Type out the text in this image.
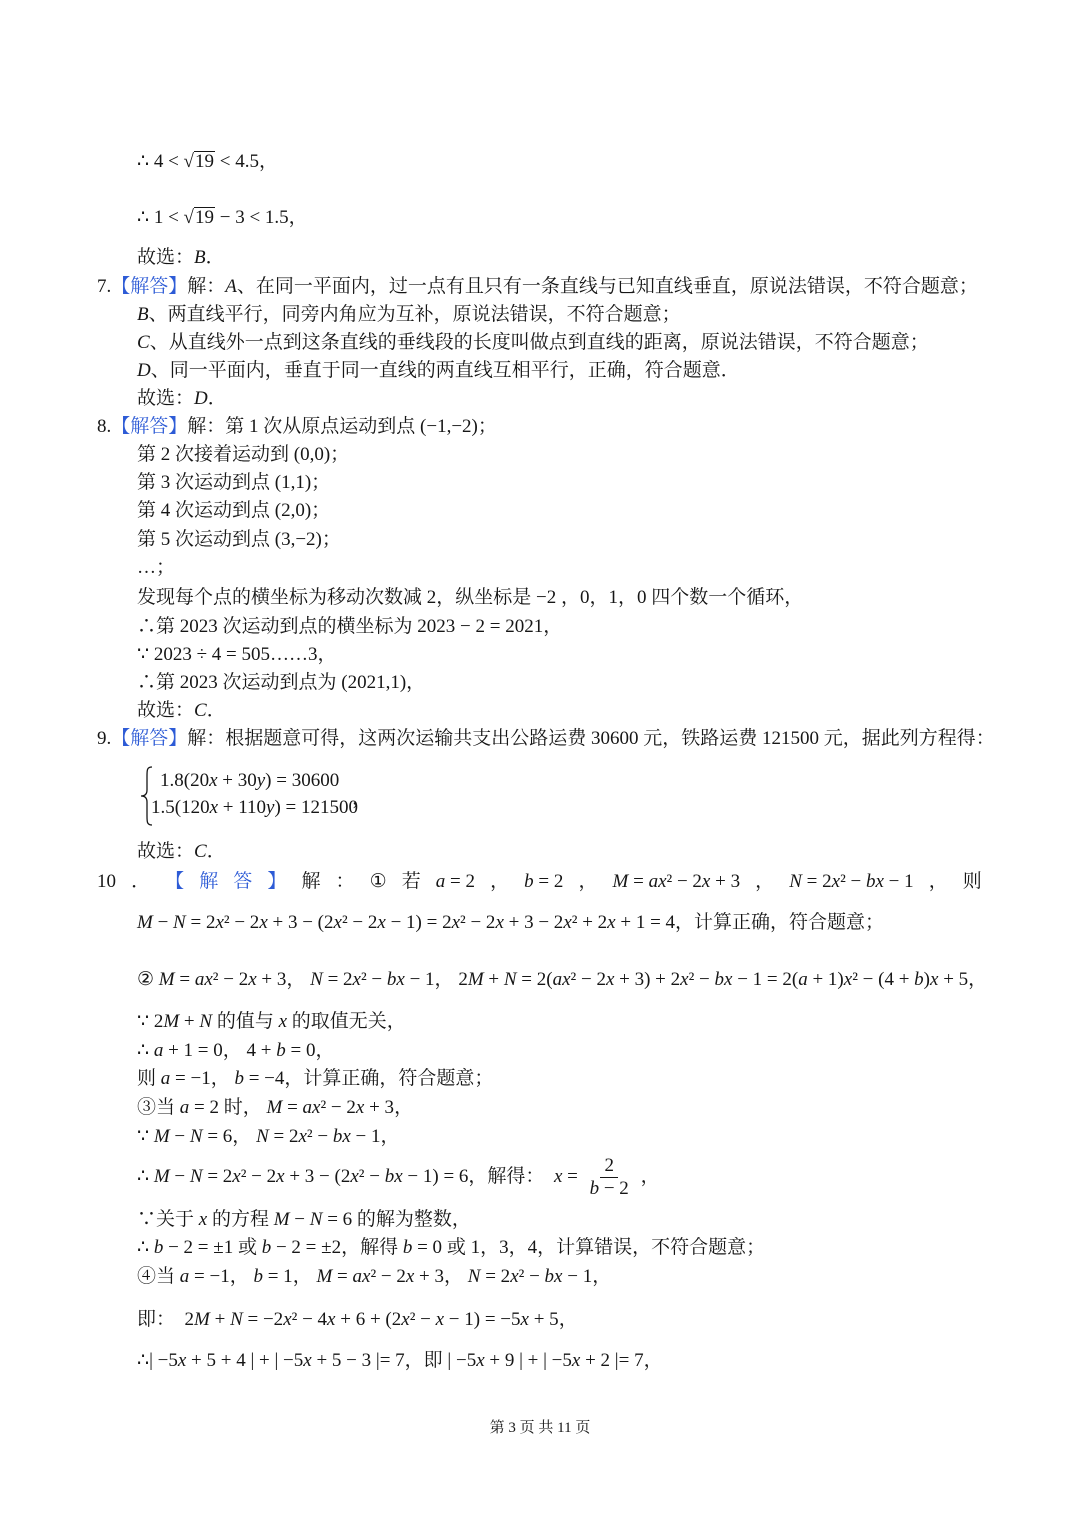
∴ 4 < √19 < 4.5，
∴ 1 < √19 − 3 < 1.5，
故选：B．
7.【解答】解：A、在同一平面内，过一点有且只有一条直线与已知直线垂直，原说法错误，不符合题意；
B、两直线平行，同旁内角应为互补，原说法错误，不符合题意；
C、从直线外一点到这条直线的垂线段的长度叫做点到直线的距离，原说法错误，不符合题意；
D、同一平面内，垂直于同一直线的两直线互相平行，正确，符合题意．
故选：D．
8.【解答】解：第 1 次从原点运动到点 (−1,−2)；
第 2 次接着运动到 (0,0)；
第 3 次运动到点 (1,1)；
第 4 次运动到点 (2,0)；
第 5 次运动到点 (3,−2)；
…；
发现每个点的横坐标为移动次数减 2，纵坐标是 −2 ，0，1，0 四个数一个循环，
∴第 2023 次运动到点的横坐标为 2023 − 2 = 2021，
∵ 2023 ÷ 4 = 505……3，
∴第 2023 次运动到点为 (2021,1)，
故选：C．
9.【解答】解：根据题意可得，这两次运输共支出公路运费 30600 元，铁路运费 121500 元，据此列方程得：
1.8(20x + 30y) = 30600
1.5(120x + 110y) = 121500
，
故选：C．
10 ． 【 解 答 】 解 ： ① 若 a = 2 ， b = 2 ， M = ax² − 2x + 3 ， N = 2x² − bx − 1 ， 则
M − N = 2x² − 2x + 3 − (2x² − 2x − 1) = 2x² − 2x + 3 − 2x² + 2x + 1 = 4，计算正确，符合题意；
② M = ax² − 2x + 3， N = 2x² − bx − 1， 2M + N = 2(ax² − 2x + 3) + 2x² − bx − 1 = 2(a + 1)x² − (4 + b)x + 5，
∵ 2M + N 的值与 x 的取值无关，
∴ a + 1 = 0， 4 + b = 0，
则 a = −1， b = −4，计算正确，符合题意；
③当 a = 2 时， M = ax² − 2x + 3，
∵ M − N = 6， N = 2x² − bx − 1，
∴ M − N = 2x² − 2x + 3 − (2x² − bx − 1) = 6，解得：  $x = \frac{2}{b - 2}$ ，
∵关于 x 的方程 M − N = 6 的解为整数，
∴ b − 2 = ±1 或 b − 2 = ±2，解得 b = 0 或 1，3，4，计算错误，不符合题意；
④当 a = −1， b = 1， M = ax² − 2x + 3， N = 2x² − bx − 1，
即：  2M + N = −2x² − 4x + 6 + (2x² − x − 1) = −5x + 5，
∴| −5x + 5 + 4 | + | −5x + 5 − 3 |= 7，即 | −5x + 9 | + | −5x + 2 |= 7，
第 3 页 共 11 页
